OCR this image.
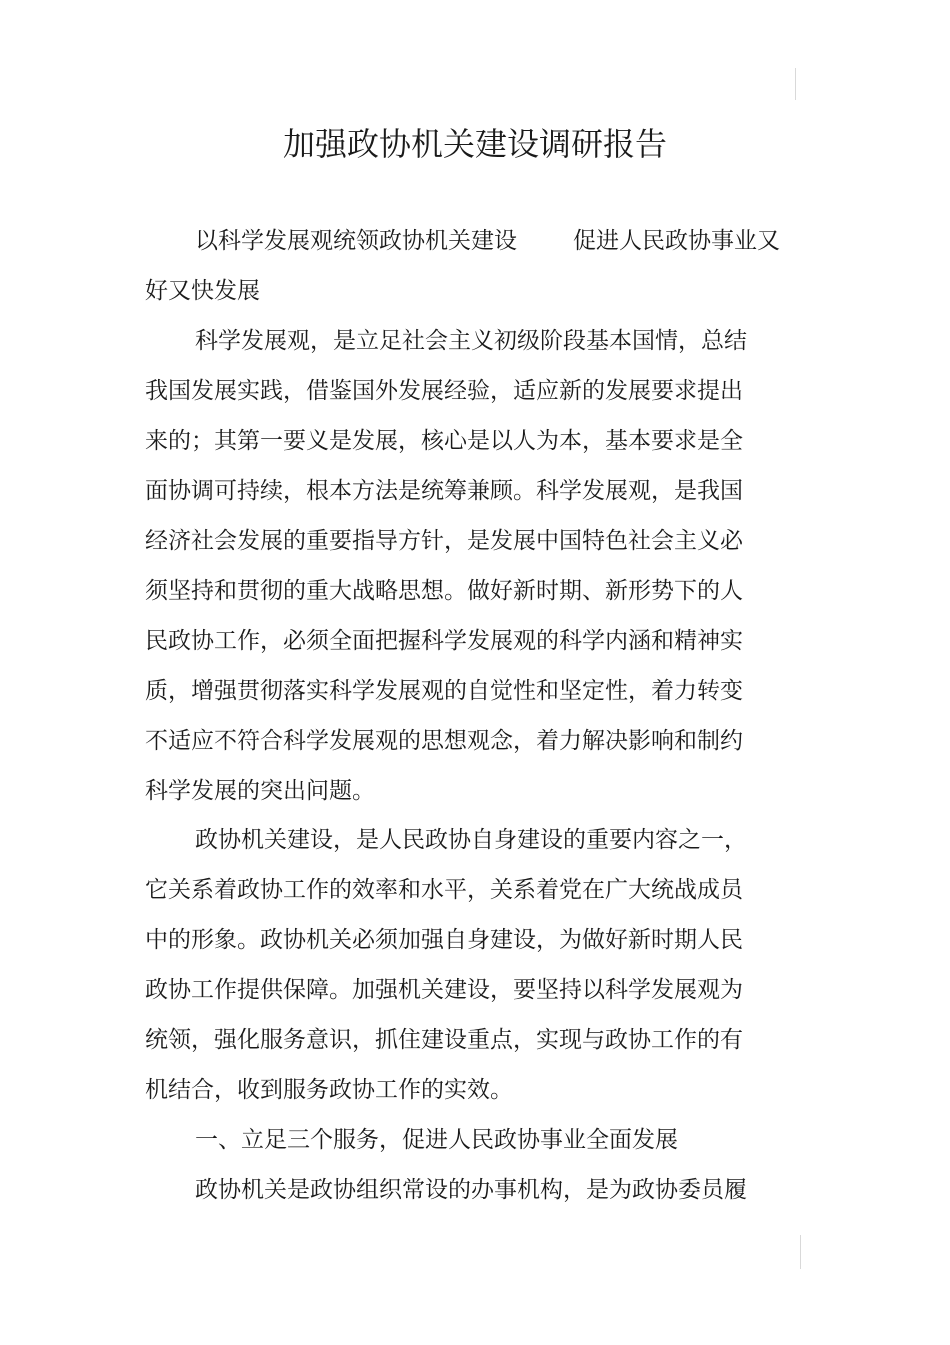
加强政协机关建设调研报告

以科学发展观统领政协机关建设 促进人民政协事业又

好又快发展

科学发展观，是立足社会主义初级阶段基本国情，总结

我国发展实践，借鉴国外发展经验，适应新的发展要求提出

来的；其第一要义是发展，核心是以人为本，基本要求是全

面协调可持续，根本方法是统筹兼顾。科学发展观，是我国

经济社会发展的重要指导方针，是发展中国特色社会主义必

须坚持和贯彻的重大战略思想。做好新时期、新形势下的人

民政协工作，必须全面把握科学发展观的科学内涵和精神实

质，增强贯彻落实科学发展观的自觉性和坚定性，着力转变

不适应不符合科学发展观的思想观念，着力解决影响和制约

科学发展的突出问题。

政协机关建设，是人民政协自身建设的重要内容之一，

它关系着政协工作的效率和水平，关系着党在广大统战成员

中的形象。政协机关必须加强自身建设，为做好新时期人民

政协工作提供保障。加强机关建设，要坚持以科学发展观为

统领，强化服务意识，抓住建设重点，实现与政协工作的有

机结合，收到服务政协工作的实效。

一、立足三个服务，促进人民政协事业全面发展

政协机关是政协组织常设的办事机构，是为政协委员履
